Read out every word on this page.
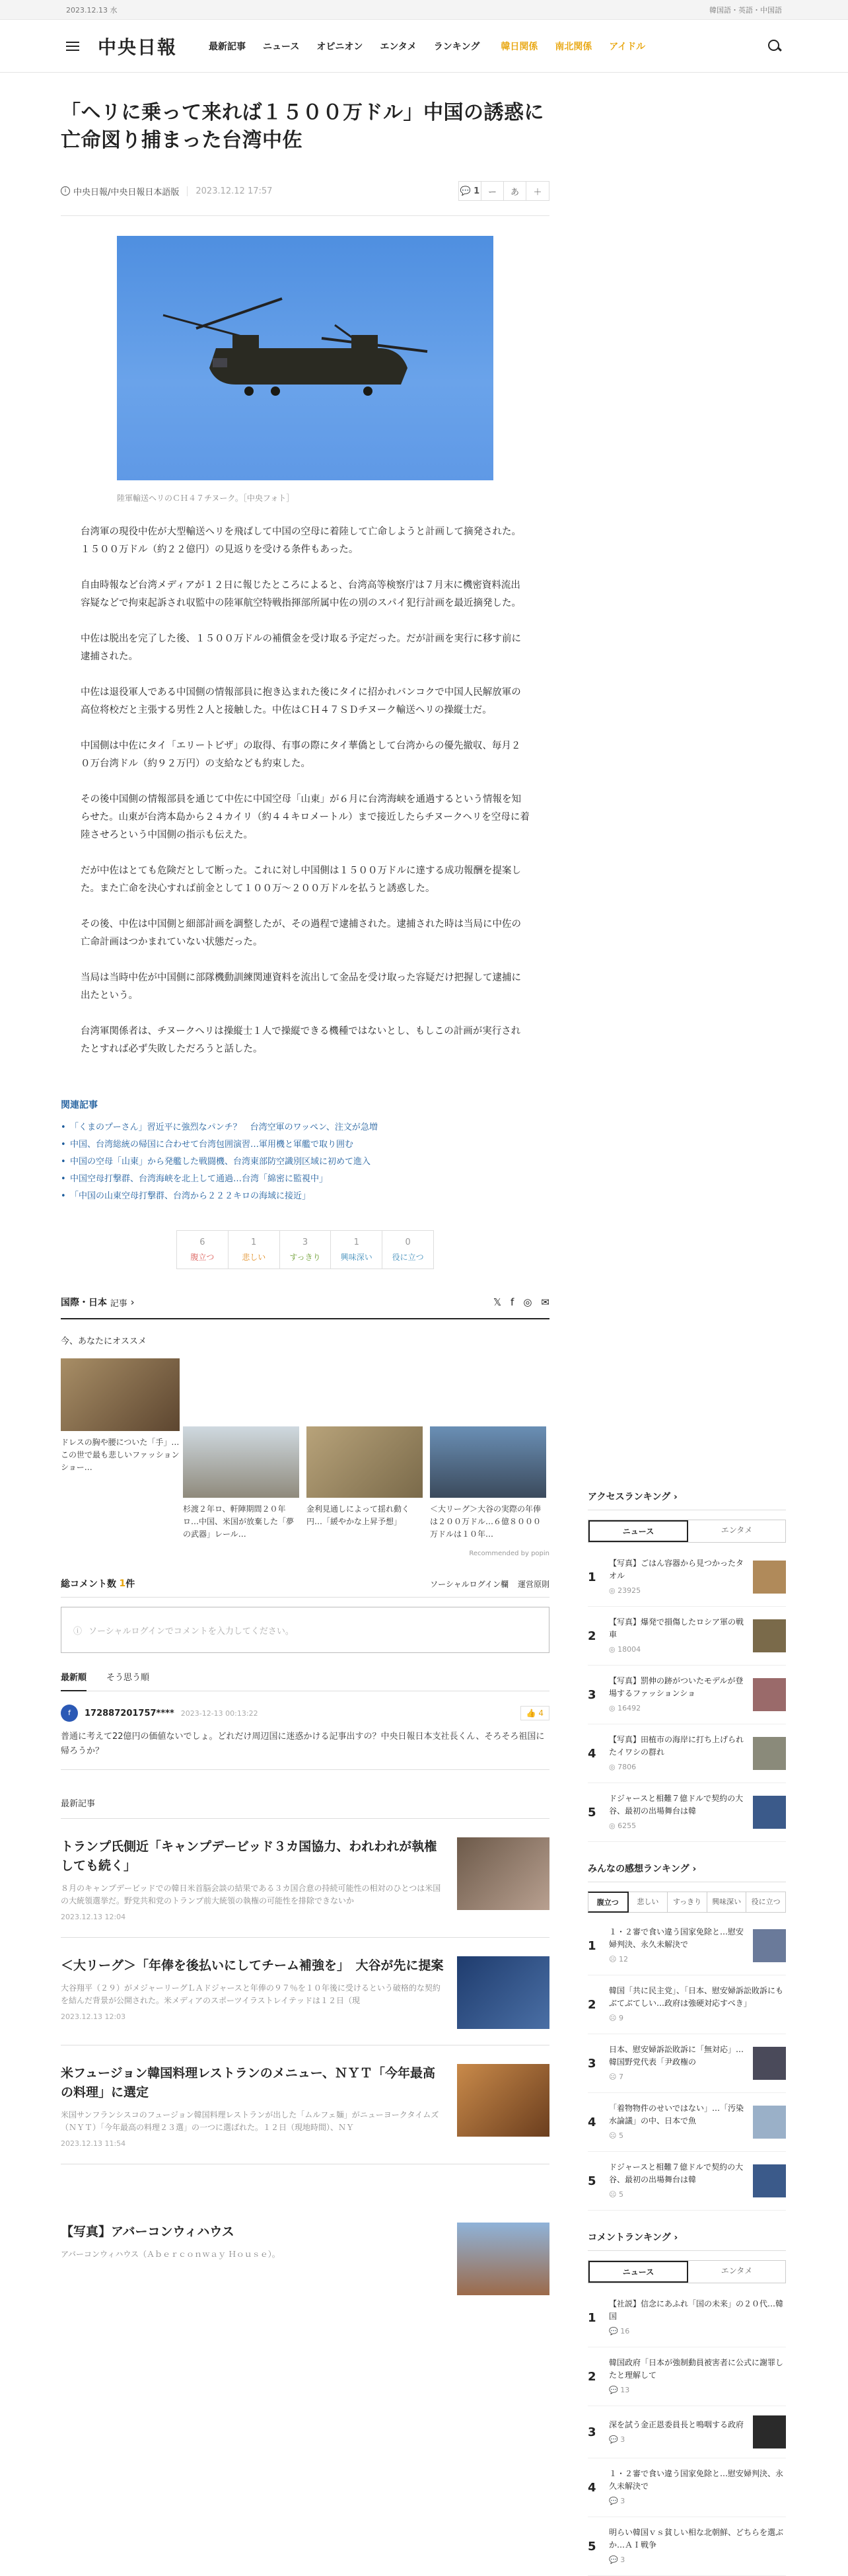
2023.12.13 水	韓国語・英語・中国語
中央日報	最新記事 ニュース オピニオン エンタメ ランキング 韓日関係 南北関係 アイドル
「ヘリに乗って来れば１５００万ドル」中国の誘惑に亡命図り捕まった台湾中佐
i 中央日報/中央日報日本語版	2023.12.12 17:57	💬 1 ー	あ	＋
陸軍輸送ヘリのＣＨ４７チヌーク。［中央フォト］

台湾軍の現役中佐が大型輸送ヘリを飛ばして中国の空母に着陸して亡命しようと計画して摘発された。１５００万ドル（約２２億円）の見返りを受ける条件もあった。

自由時報など台湾メディアが１２日に報じたところによると、台湾高等検察庁は７月末に機密資料流出容疑などで拘束起訴され収監中の陸軍航空特戦指揮部所属中佐の別のスパイ犯行計画を最近摘発した。

中佐は脱出を完了した後、１５００万ドルの補償金を受け取る予定だった。だが計画を実行に移す前に逮捕された。

中佐は退役軍人である中国側の情報部員に抱き込まれた後にタイに招かれバンコクで中国人民解放軍の高位将校だと主張する男性２人と接触した。中佐はＣＨ４７ＳＤチヌーク輸送ヘリの操縦士だ。

中国側は中佐にタイ「エリートビザ」の取得、有事の際にタイ華僑として台湾からの優先撤収、毎月２０万台湾ドル（約９２万円）の支給なども約束した。

その後中国側の情報部員を通じて中佐に中国空母「山東」が６月に台湾海峡を通過するという情報を知らせた。山東が台湾本島から２４カイリ（約４４キロメートル）まで接近したらチヌークヘリを空母に着陸させろという中国側の指示も伝えた。

だが中佐はとても危険だとして断った。これに対し中国側は１５００万ドルに達する成功報酬を提案した。また亡命を決心すれば前金として１００万～２００万ドルを払うと誘惑した。

その後、中佐は中国側と細部計画を調整したが、その過程で逮捕された。逮捕された時は当局に中佐の亡命計画はつかまれていない状態だった。

当局は当時中佐が中国側に部隊機動訓練関連資料を流出して金品を受け取った容疑だけ把握して逮捕に出たという。

台湾軍関係者は、チヌークヘリは操縦士１人で操縦できる機種ではないとし、もしこの計画が実行されたとすれば必ず失敗しただろうと話した。

関連記事
• 「くまのプーさん」習近平に強烈なパンチ？　台湾空軍のワッペン、注文が急増
• 中国、台湾総統の帰国に合わせて台湾包囲演習…軍用機と軍艦で取り囲む
• 中国の空母「山東」から発艦した戦闘機、台湾東部防空識別区域に初めて進入
• 中国空母打撃群、台湾海峡を北上して通過…台湾「綿密に監視中」
• 「中国の山東空母打撃群、台湾から２２２キロの海域に接近」
6
腹立つ
1
悲しい
3
すっきり
1
興味深い
0
役に立つ
国際・日本
記事 ›	𝕏 f ◎ ✉
今、あなたにオススメ
ドレスの胸や腰についた「手」…この世で最も悲しいファッションショー…
杉渡２年ロ、軒陣期間２０年ロ…中国、米国が放棄した「夢の武器」レール…
金利見通しによって揺れ動く円…「緩やかな上昇予想」
＜大リーグ＞大谷の実際の年俸は２００万ドル…６億８０００万ドルは１０年…
Recommended by popin
総コメント数
1 件	ソーシャルログイン欄 運営原則
ⓘ ソーシャルログインでコメントを入力してください。
最新順 そう思う順
f	172887201757**** 2023-12-13 00:13:22	👍 4
普通に考えて22億円の価値ないでしょ。どれだけ周辺国に迷惑かける記事出すの？中央日報日本支社長くん、そろそろ祖国に帰ろうか？
最新記事
トランプ氏側近「キャンプデービッド３カ国協力、われわれが執権しても続く」
８月のキャンプデービッドでの韓日米首脳会談の結果である３カ国合意の持続可能性の相対のひとつは米国の大統領選挙だ。野党共和党のトランプ前大統領の執権の可能性を排除できないか
2023.12.13 12:04
＜大リーグ＞「年俸を後払いにしてチーム補強を」　大谷が先に提案
大谷翔平（２９）がメジャーリーグＬＡドジャースと年俸の９７％を１０年後に受けるという破格的な契約を結んだ背景が公開された。米メディアのスポーツイラストレイテッドは１２日（現
2023.12.13 12:03
米フュージョン韓国料理レストランのメニュー、ＮＹＴ「今年最高の料理」に選定
米国サンフランシスコのフュージョン韓国料理レストランが出した「ムルフェ麺」がニューヨークタイムズ（ＮＹＴ）「今年最高の料理２３選」の一つに選ばれた。１２日（現地時間）、ＮＹ
2023.12.13 11:54
【写真】アバーコンウィハウス
アバーコンウィハウス（Ａｂｅｒｃｏｎｗａｙ Ｈｏｕｓｅ）。
アクセスランキング ›
ニュース	エンタメ
1
【写真】ごはん容器から見つかったタオル
◎ 23925
2
【写真】爆発で損傷したロシア軍の戦車
◎ 18004
3
【写真】罰伸の跡がついたモデルが登場するファッションショ
◎ 16492
4
【写真】田植市の海岸に打ち上げられたイワシの群れ
◎ 7806
5
ドジャースと相難７億ドルで契約の大谷、最初の出場舞台は韓
◎ 6255
みんなの感想ランキング ›
腹立つ	悲しい	すっきり	興味深い	役に立つ
1
１・２審で食い違う国家免除と…慰安婦判決、永久未解決で
☹ 12
2
韓国「共に民主党」、「日本、慰安婦訴訟敗訴にもぶてぶてしい…政府は強硬対応すべき」
☹ 9
3
日本、慰安婦訴訟敗訴に「無対応」…韓国野党代表「尹政権の
☹ 7
4
「着物物件のせいではない」…「汚染水論議」の中、日本で魚
☹ 5
5
ドジャースと相難７億ドルで契約の大谷、最初の出場舞台は韓
☹ 5
コメントランキング ›
ニュース	エンタメ
1
【社説】信念にあふれ「国の未来」の２０代…韓国
💬 16
2
韓国政府「日本が強制動員被害者に公式に謝罪したと理解して
💬 13
3
深を試う金正恩委員長と鳴咽する政府
💬 3
4
１・２審で食い違う国家免除と…慰安婦判決、永久未解決で
💬 3
5
明らい韓国ｖｓ貧しい相な北朝鮮、どちらを選ぶか…ＡＩ戦争
💬 3
